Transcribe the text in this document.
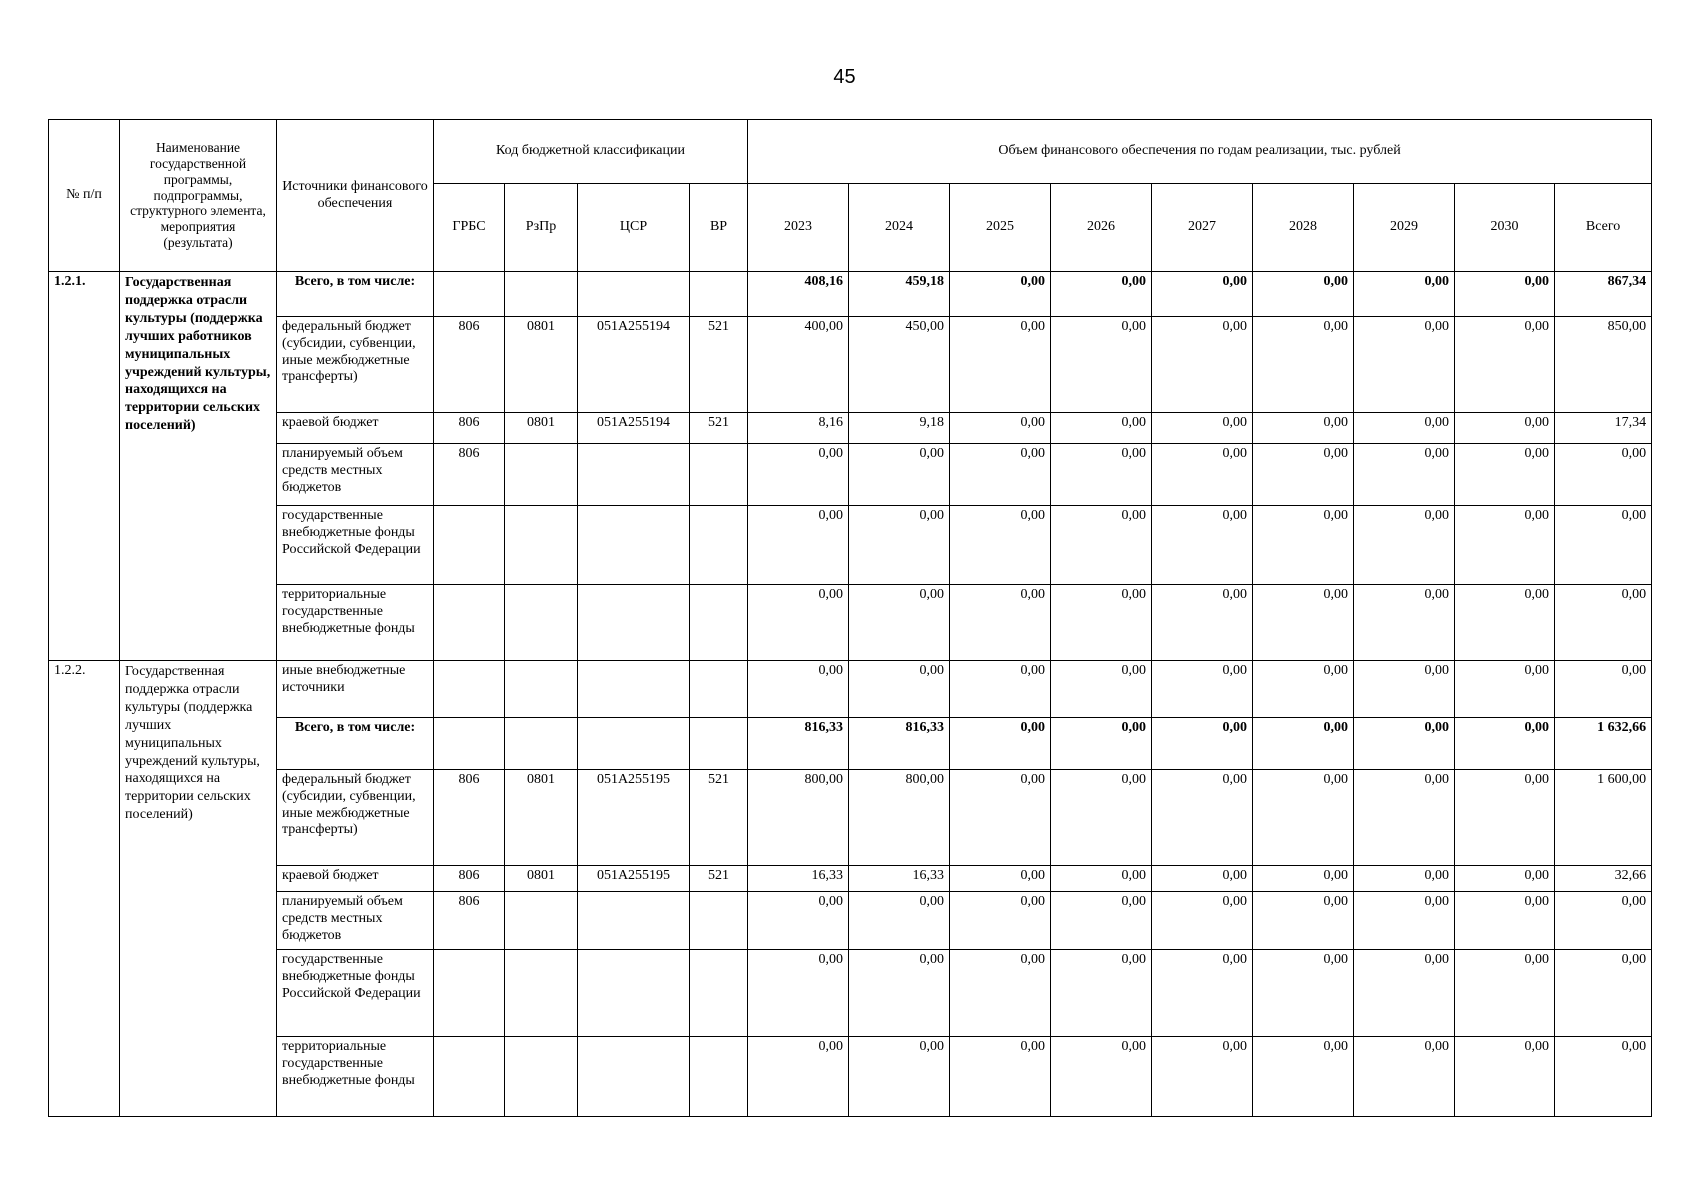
45
№ п/п	Наименование государственной программы, подпрограммы, структурного элемента, мероприятия (результата)	Источники финансового обеспечения	Код бюджетной классификации				Объем финансового обеспечения по годам реализации, тыс. рублей								
			ГРБС	РзПр	ЦСР	ВР	2023	2024	2025	2026	2027	2028	2029	2030	Всего
1.2.1.	Государственная поддержка отрасли культуры (поддержка лучших работников муниципальных учреждений культуры, находящихся на территории сельских поселений)	Всего, в том числе:					408,16	459,18	0,00	0,00	0,00	0,00	0,00	0,00	867,34
		федеральный бюджет (субсидии, субвенции, иные межбюджетные трансферты)	806	0801	051А255194	521	400,00	450,00	0,00	0,00	0,00	0,00	0,00	0,00	850,00
		краевой бюджет	806	0801	051А255194	521	8,16	9,18	0,00	0,00	0,00	0,00	0,00	0,00	17,34
		планируемый объем средств местных бюджетов	806				0,00	0,00	0,00	0,00	0,00	0,00	0,00	0,00	0,00
		государственные внебюджетные фонды Российской Федерации					0,00	0,00	0,00	0,00	0,00	0,00	0,00	0,00	0,00
		территориальные государственные внебюджетные фонды					0,00	0,00	0,00	0,00	0,00	0,00	0,00	0,00	0,00
1.2.2.	Государственная поддержка отрасли культуры (поддержка лучших муниципальных учреждений культуры, находящихся на территории сельских поселений)	иные внебюджетные источники					0,00	0,00	0,00	0,00	0,00	0,00	0,00	0,00	0,00
		Всего, в том числе:					816,33	816,33	0,00	0,00	0,00	0,00	0,00	0,00	1 632,66
		федеральный бюджет (субсидии, субвенции, иные межбюджетные трансферты)	806	0801	051А255195	521	800,00	800,00	0,00	0,00	0,00	0,00	0,00	0,00	1 600,00
		краевой бюджет	806	0801	051А255195	521	16,33	16,33	0,00	0,00	0,00	0,00	0,00	0,00	32,66
		планируемый объем средств местных бюджетов	806				0,00	0,00	0,00	0,00	0,00	0,00	0,00	0,00	0,00
		государственные внебюджетные фонды Российской Федерации					0,00	0,00	0,00	0,00	0,00	0,00	0,00	0,00	0,00
		территориальные государственные внебюджетные фонды					0,00	0,00	0,00	0,00	0,00	0,00	0,00	0,00	0,00
